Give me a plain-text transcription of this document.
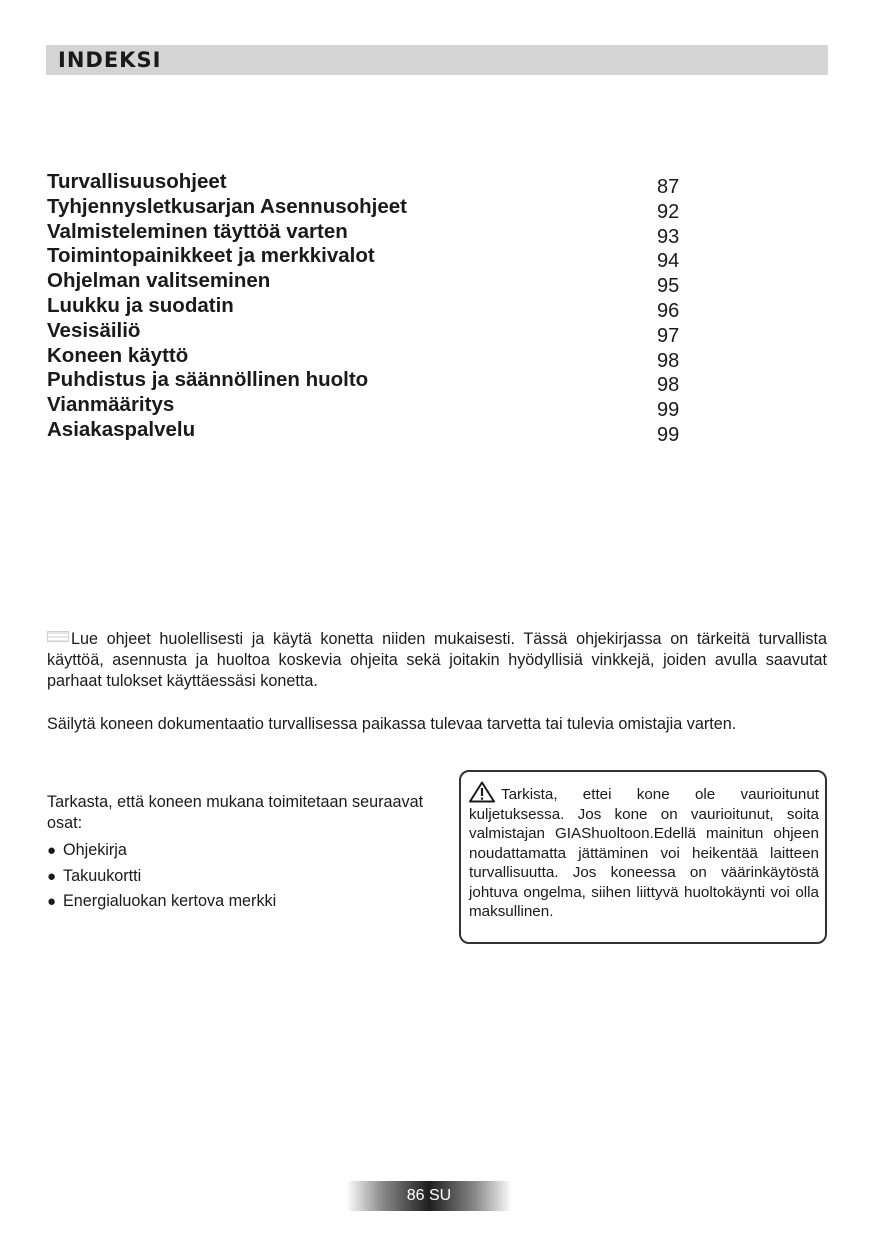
INDEKSI
Turvallisuusohjeet
Tyhjennysletkusarjan Asennusohjeet
Valmisteleminen täyttöä varten
Toimintopainikkeet ja merkkivalot
Ohjelman valitseminen
Luukku ja suodatin
Vesisäiliö
Koneen käyttö
Puhdistus ja säännöllinen huolto
Vianmääritys
Asiakaspalvelu
87
92
93
94
95
96
97
98
98
99
99
Lue ohjeet huolellisesti ja käytä konetta niiden mukaisesti. Tässä ohjekirjassa on tärkeitä turvallista käyttöä, asennusta ja huoltoa koskevia ohjeita sekä joitakin hyödyllisiä vinkkejä, joiden avulla saavutat parhaat tulokset käyttäessäsi konetta.
Säilytä koneen dokumentaatio turvallisessa paikassa tulevaa tarvetta tai tulevia omistajia varten.
Tarkasta, että koneen mukana toimitetaan seuraavat osat:
● Ohjekirja
● Takuukortti
● Energialuokan kertova merkki
Tarkista, ettei kone ole vaurioitunut kuljetuksessa. Jos kone on vaurioitunut, soita valmistajan GIAShuoltoon.Edellä mainitun ohjeen noudattamatta jättäminen voi heikentää laitteen turvallisuutta. Jos koneessa on väärinkäytöstä johtuva ongelma, siihen liittyvä huoltokäynti voi olla maksullinen.
86 SU
